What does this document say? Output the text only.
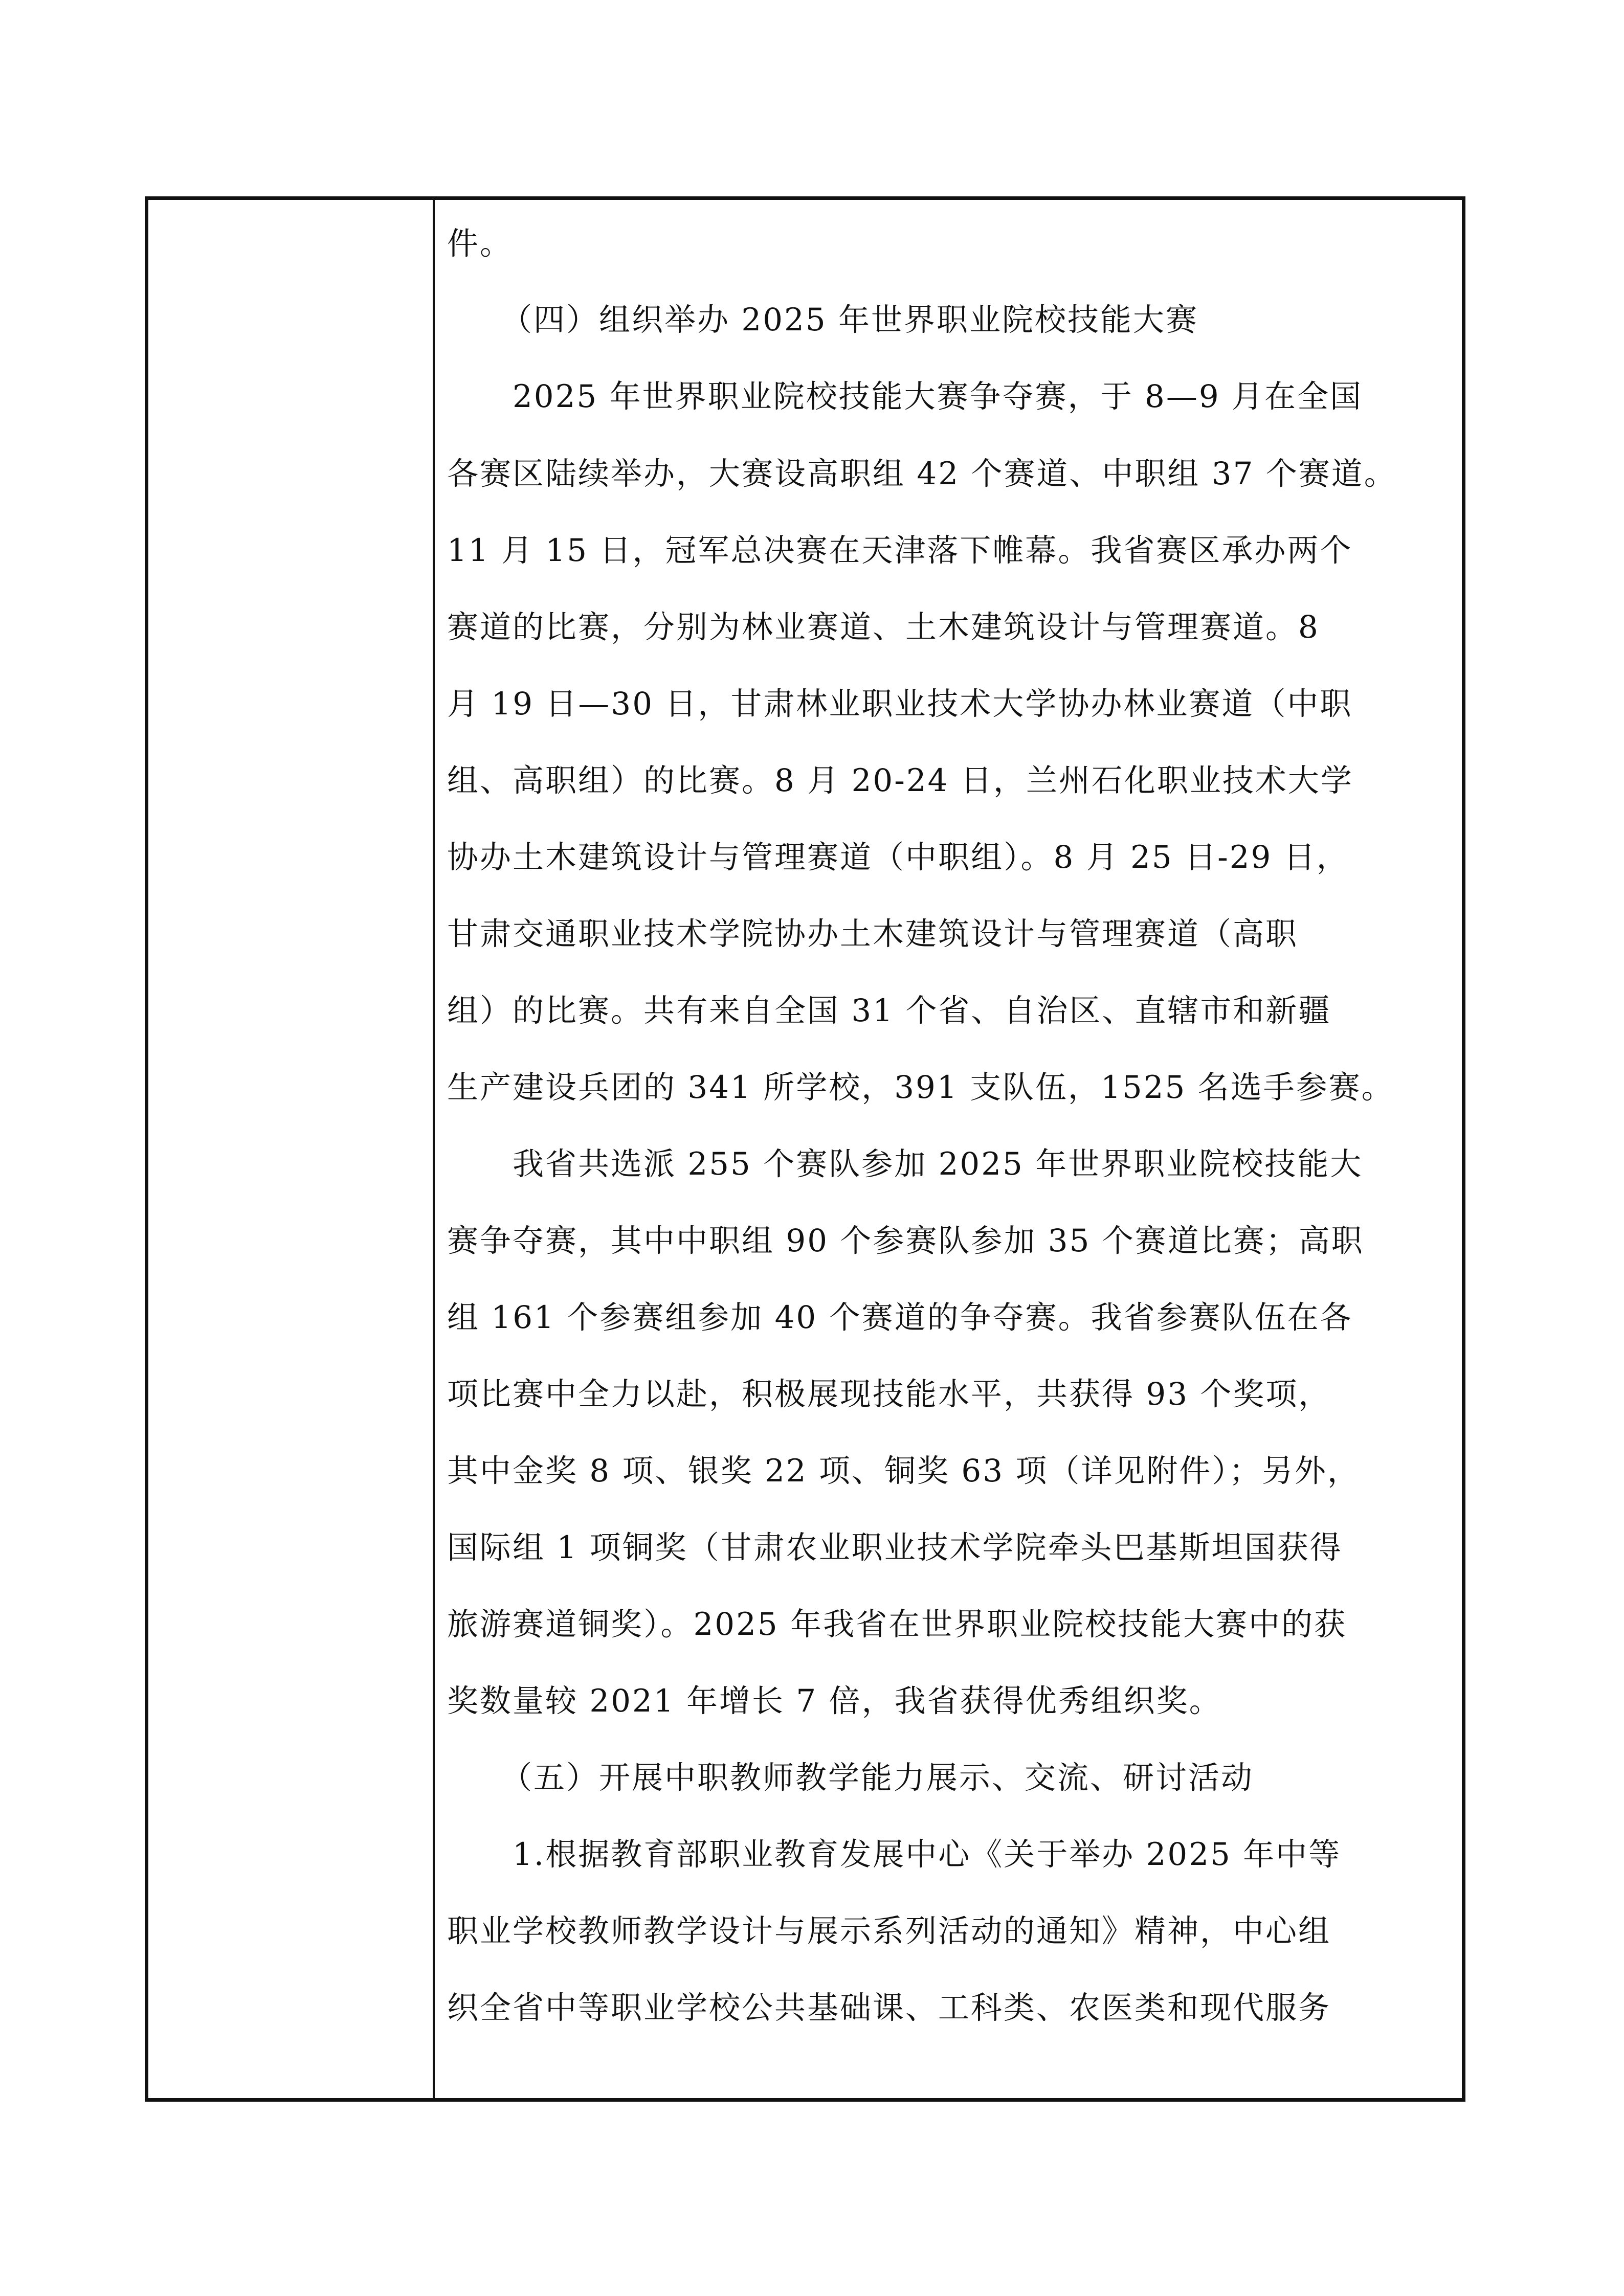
件。
（四）组织举办 2025 年世界职业院校技能大赛
2025 年世界职业院校技能大赛争夺赛，于 8—9 月在全国
各赛区陆续举办，大赛设高职组 42 个赛道、中职组 37 个赛道。
11 月 15 日，冠军总决赛在天津落下帷幕。我省赛区承办两个
赛道的比赛，分别为林业赛道、土木建筑设计与管理赛道。8
月 19 日—30 日，甘肃林业职业技术大学协办林业赛道（中职
组、高职组）的比赛。8 月 20-24 日，兰州石化职业技术大学
协办土木建筑设计与管理赛道（中职组）。8 月 25 日-29 日，
甘肃交通职业技术学院协办土木建筑设计与管理赛道（高职
组）的比赛。共有来自全国 31 个省、自治区、直辖市和新疆
生产建设兵团的 341 所学校，391 支队伍，1525 名选手参赛。
我省共选派 255 个赛队参加 2025 年世界职业院校技能大
赛争夺赛，其中中职组 90 个参赛队参加 35 个赛道比赛；高职
组 161 个参赛组参加 40 个赛道的争夺赛。我省参赛队伍在各
项比赛中全力以赴，积极展现技能水平，共获得 93 个奖项，
其中金奖 8 项、银奖 22 项、铜奖 63 项（详见附件）；另外，
国际组 1 项铜奖（甘肃农业职业技术学院牵头巴基斯坦国获得
旅游赛道铜奖）。2025 年我省在世界职业院校技能大赛中的获
奖数量较 2021 年增长 7 倍，我省获得优秀组织奖。
（五）开展中职教师教学能力展示、交流、研讨活动
1.根据教育部职业教育发展中心《关于举办 2025 年中等
职业学校教师教学设计与展示系列活动的通知》精神，中心组
织全省中等职业学校公共基础课、工科类、农医类和现代服务
